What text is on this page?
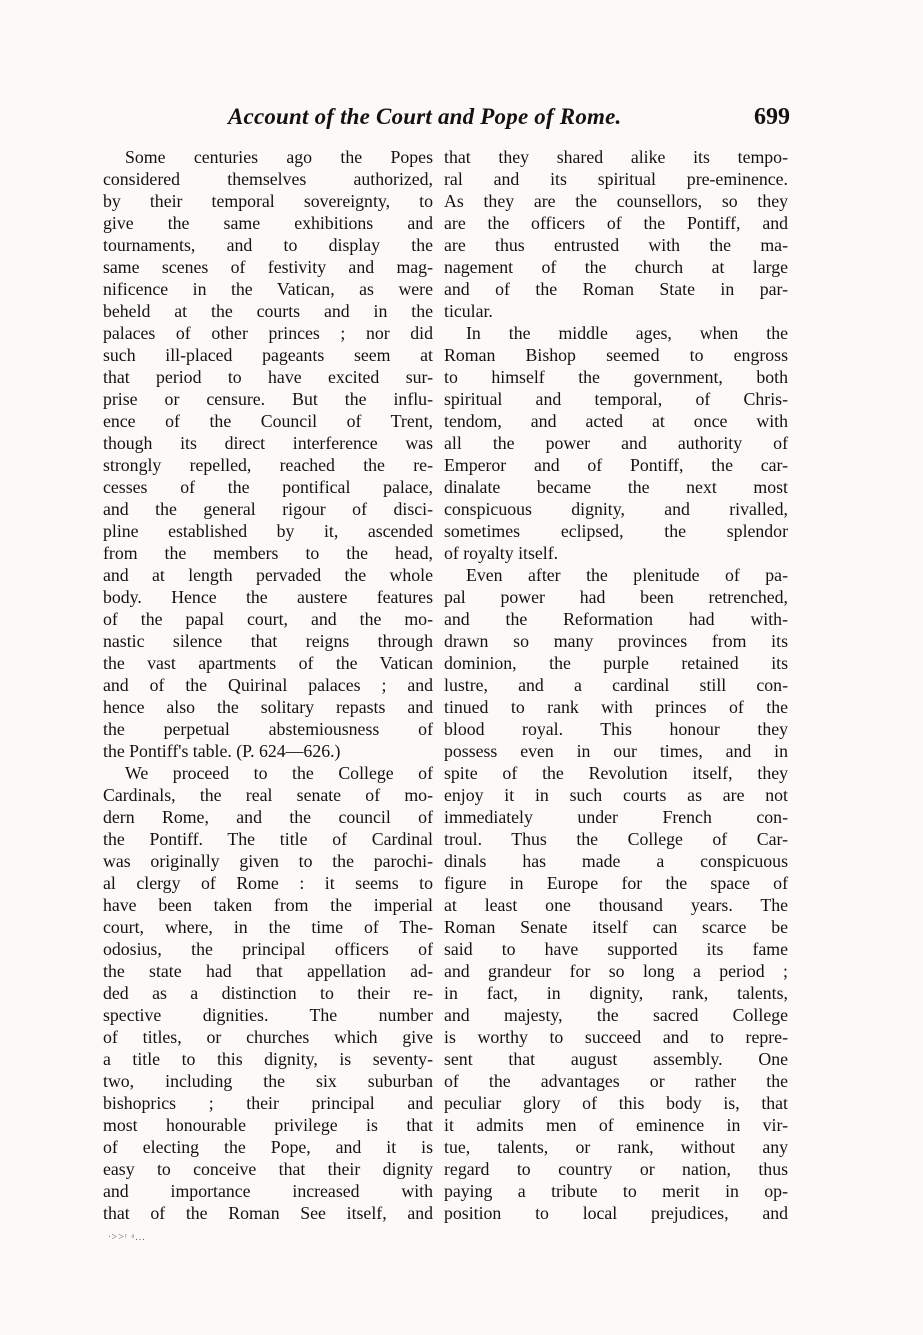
Account of the Court and Pope of Rome.	699
Some centuries ago the Popes
considered themselves authorized,
by their temporal sovereignty, to
give the same exhibitions and
tournaments, and to display the
same scenes of festivity and mag-
nificence in the Vatican, as were
beheld at the courts and in the
palaces of other princes ; nor did
such ill-placed pageants seem at
that period to have excited sur-
prise or censure. But the influ-
ence of the Council of Trent,
though its direct interference was
strongly repelled, reached the re-
cesses of the pontifical palace,
and the general rigour of disci-
pline established by it, ascended
from the members to the head,
and at length pervaded the whole
body. Hence the austere features
of the papal court, and the mo-
nastic silence that reigns through
the vast apartments of the Vatican
and of the Quirinal palaces ; and
hence also the solitary repasts and
the perpetual abstemiousness of
the Pontiff's table. (P. 624—626.)
We proceed to the College of
Cardinals, the real senate of mo-
dern Rome, and the council of
the Pontiff. The title of Cardinal
was originally given to the parochi-
al clergy of Rome : it seems to
have been taken from the imperial
court, where, in the time of The-
odosius, the principal officers of
the state had that appellation ad-
ded as a distinction to their re-
spective dignities. The number
of titles, or churches which give
a title to this dignity, is seventy-
two, including the six suburban
bishoprics ; their principal and
most honourable privilege is that
of electing the Pope, and it is
easy to conceive that their dignity
and importance increased with
that of the Roman See itself, and
that they shared alike its tempo-
ral and its spiritual pre-eminence.
As they are the counsellors, so they
are the officers of the Pontiff, and
are thus entrusted with the ma-
nagement of the church at large
and of the Roman State in par-
ticular.
In the middle ages, when the
Roman Bishop seemed to engross
to himself the government, both
spiritual and temporal, of Chris-
tendom, and acted at once with
all the power and authority of
Emperor and of Pontiff, the car-
dinalate became the next most
conspicuous dignity, and rivalled,
sometimes eclipsed, the splendor
of royalty itself.
Even after the plenitude of pa-
pal power had been retrenched,
and the Reformation had with-
drawn so many provinces from its
dominion, the purple retained its
lustre, and a cardinal still con-
tinued to rank with princes of the
blood royal. This honour they
possess even in our times, and in
spite of the Revolution itself, they
enjoy it in such courts as are not
immediately under French con-
troul. Thus the College of Car-
dinals has made a conspicuous
figure in Europe for the space of
at least one thousand years. The
Roman Senate itself can scarce be
said to have supported its fame
and grandeur for so long a period ;
in fact, in dignity, rank, talents,
and majesty, the sacred College
is worthy to succeed and to repre-
sent that august assembly. One
of the advantages or rather the
peculiar glory of this body is, that
it admits men of eminence in vir-
tue, talents, or rank, without any
regard to country or nation, thus
paying a tribute to merit in op-
position to local prejudices, and
ᐧ>>ʳ ᵃ...
